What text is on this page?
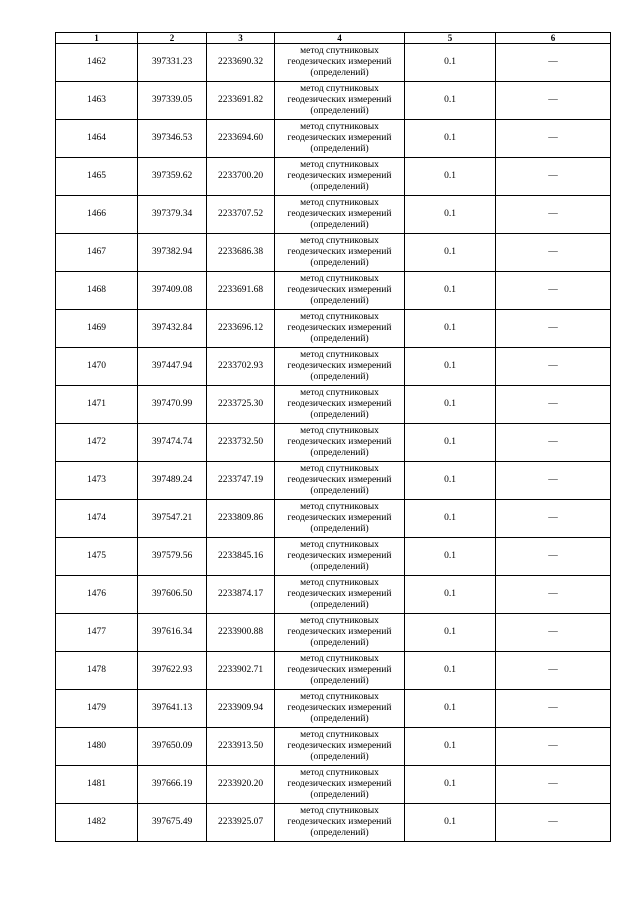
1	2	3	4	5	6
1462	397331.23	2233690.32	метод спутниковых геодезических измерений (определений)	0.1	—
1463	397339.05	2233691.82	метод спутниковых геодезических измерений (определений)	0.1	—
1464	397346.53	2233694.60	метод спутниковых геодезических измерений (определений)	0.1	—
1465	397359.62	2233700.20	метод спутниковых геодезических измерений (определений)	0.1	—
1466	397379.34	2233707.52	метод спутниковых геодезических измерений (определений)	0.1	—
1467	397382.94	2233686.38	метод спутниковых геодезических измерений (определений)	0.1	—
1468	397409.08	2233691.68	метод спутниковых геодезических измерений (определений)	0.1	—
1469	397432.84	2233696.12	метод спутниковых геодезических измерений (определений)	0.1	—
1470	397447.94	2233702.93	метод спутниковых геодезических измерений (определений)	0.1	—
1471	397470.99	2233725.30	метод спутниковых геодезических измерений (определений)	0.1	—
1472	397474.74	2233732.50	метод спутниковых геодезических измерений (определений)	0.1	—
1473	397489.24	2233747.19	метод спутниковых геодезических измерений (определений)	0.1	—
1474	397547.21	2233809.86	метод спутниковых геодезических измерений (определений)	0.1	—
1475	397579.56	2233845.16	метод спутниковых геодезических измерений (определений)	0.1	—
1476	397606.50	2233874.17	метод спутниковых геодезических измерений (определений)	0.1	—
1477	397616.34	2233900.88	метод спутниковых геодезических измерений (определений)	0.1	—
1478	397622.93	2233902.71	метод спутниковых геодезических измерений (определений)	0.1	—
1479	397641.13	2233909.94	метод спутниковых геодезических измерений (определений)	0.1	—
1480	397650.09	2233913.50	метод спутниковых геодезических измерений (определений)	0.1	—
1481	397666.19	2233920.20	метод спутниковых геодезических измерений (определений)	0.1	—
1482	397675.49	2233925.07	метод спутниковых геодезических измерений (определений)	0.1	—
